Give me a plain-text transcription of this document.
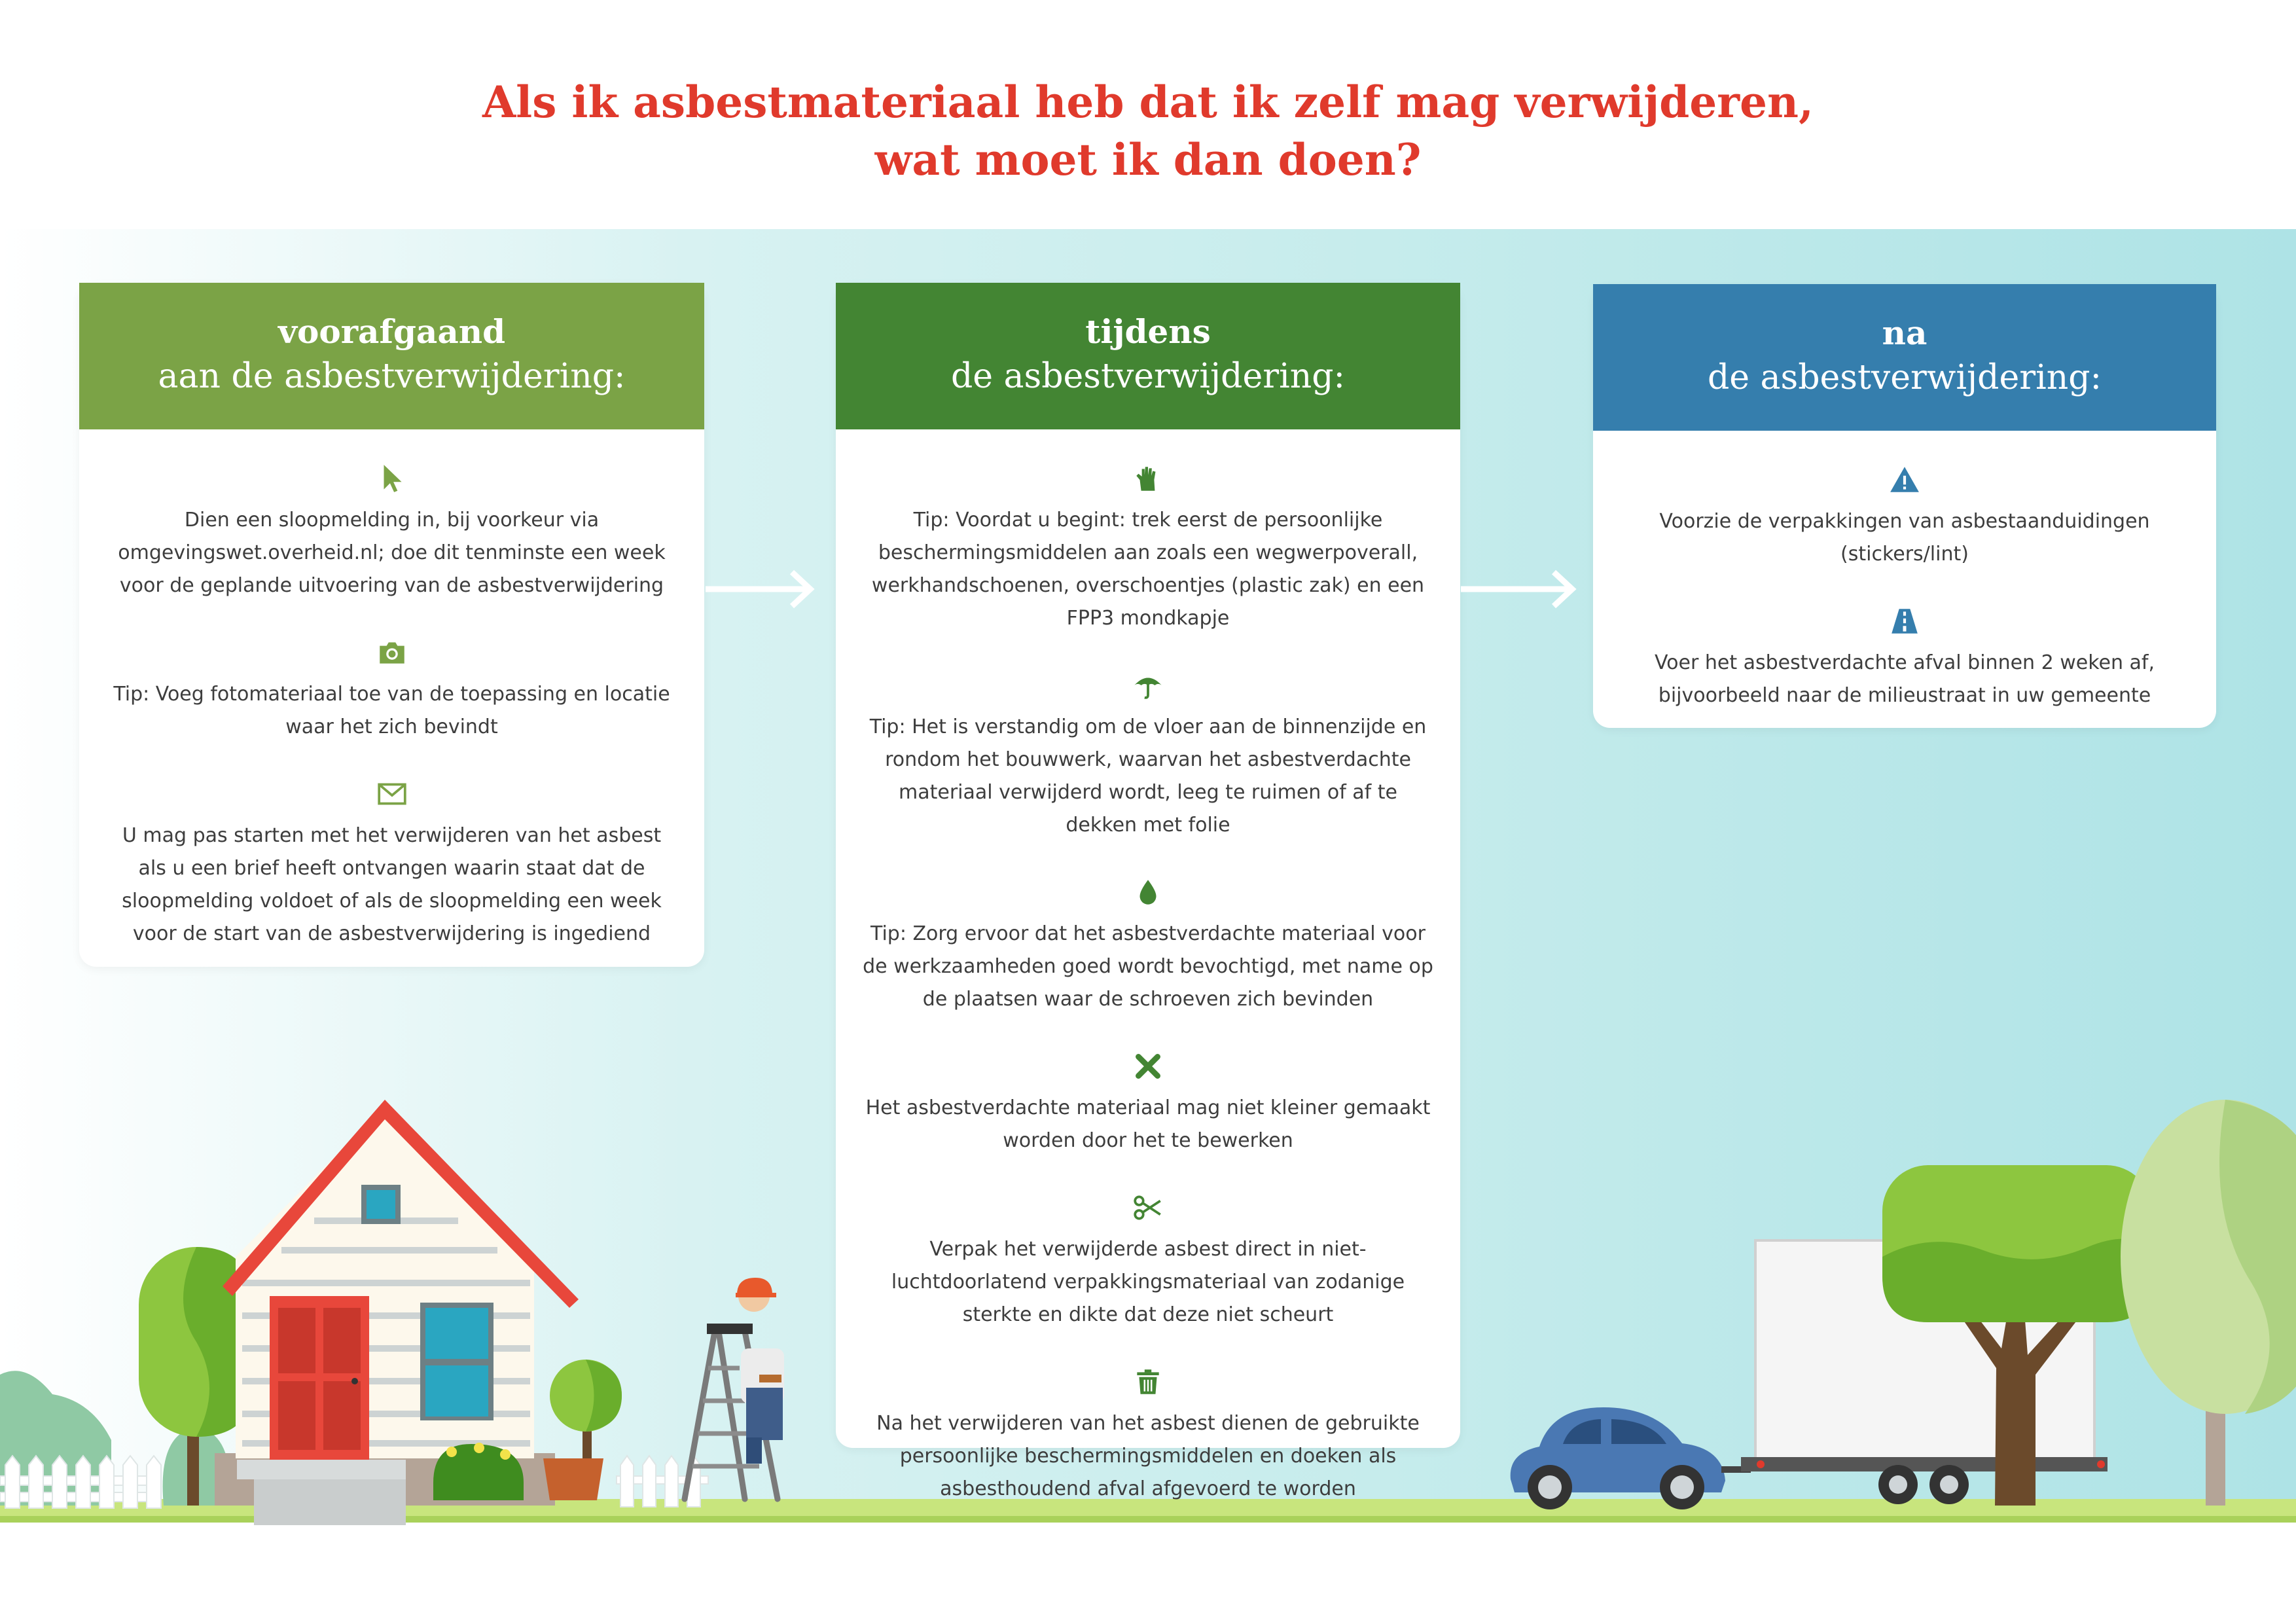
Als ik asbestmateriaal heb dat ik zelf mag verwijderen,
wat moet ik dan doen?
voorafgaand
aan de asbestverwijdering:
Dien een sloopmelding in, bij voorkeur via omgevingswet.overheid.nl; doe dit tenminste een week voor de geplande uitvoering van de asbestverwijdering
Tip: Voeg fotomateriaal toe van de toepassing en locatie waar het zich bevindt
U mag pas starten met het verwijderen van het asbest als u een brief heeft ontvangen waarin staat dat de sloopmelding voldoet of als de sloopmelding een week voor de start van de asbestverwijdering is ingediend
tijdens
de asbestverwijdering:
Tip: Voordat u begint: trek eerst de persoonlijke beschermingsmiddelen aan zoals een wegwerpoverall, werkhandschoenen, overschoentjes (plastic zak) en een FPP3 mondkapje
Tip: Het is verstandig om de vloer aan de binnenzijde en rondom het bouwwerk, waarvan het asbestverdachte materiaal verwijderd wordt, leeg te ruimen of af te dekken met folie
Tip: Zorg ervoor dat het asbestverdachte materiaal voor de werkzaamheden goed wordt bevochtigd, met name op de plaatsen waar de schroeven zich bevinden
Het asbestverdachte materiaal mag niet kleiner gemaakt worden door het te bewerken
Verpak het verwijderde asbest direct in niet-luchtdoorlatend verpakkingsmateriaal van zodanige sterkte en dikte dat deze niet scheurt
Na het verwijderen van het asbest dienen de gebruikte persoonlijke beschermingsmiddelen en doeken als asbesthoudend afval afgevoerd te worden
na
de asbestverwijdering:
Voorzie de verpakkingen van asbestaanduidingen (stickers/lint)
Voer het asbestverdachte afval binnen 2 weken af, bijvoorbeeld naar de milieustraat in uw gemeente
